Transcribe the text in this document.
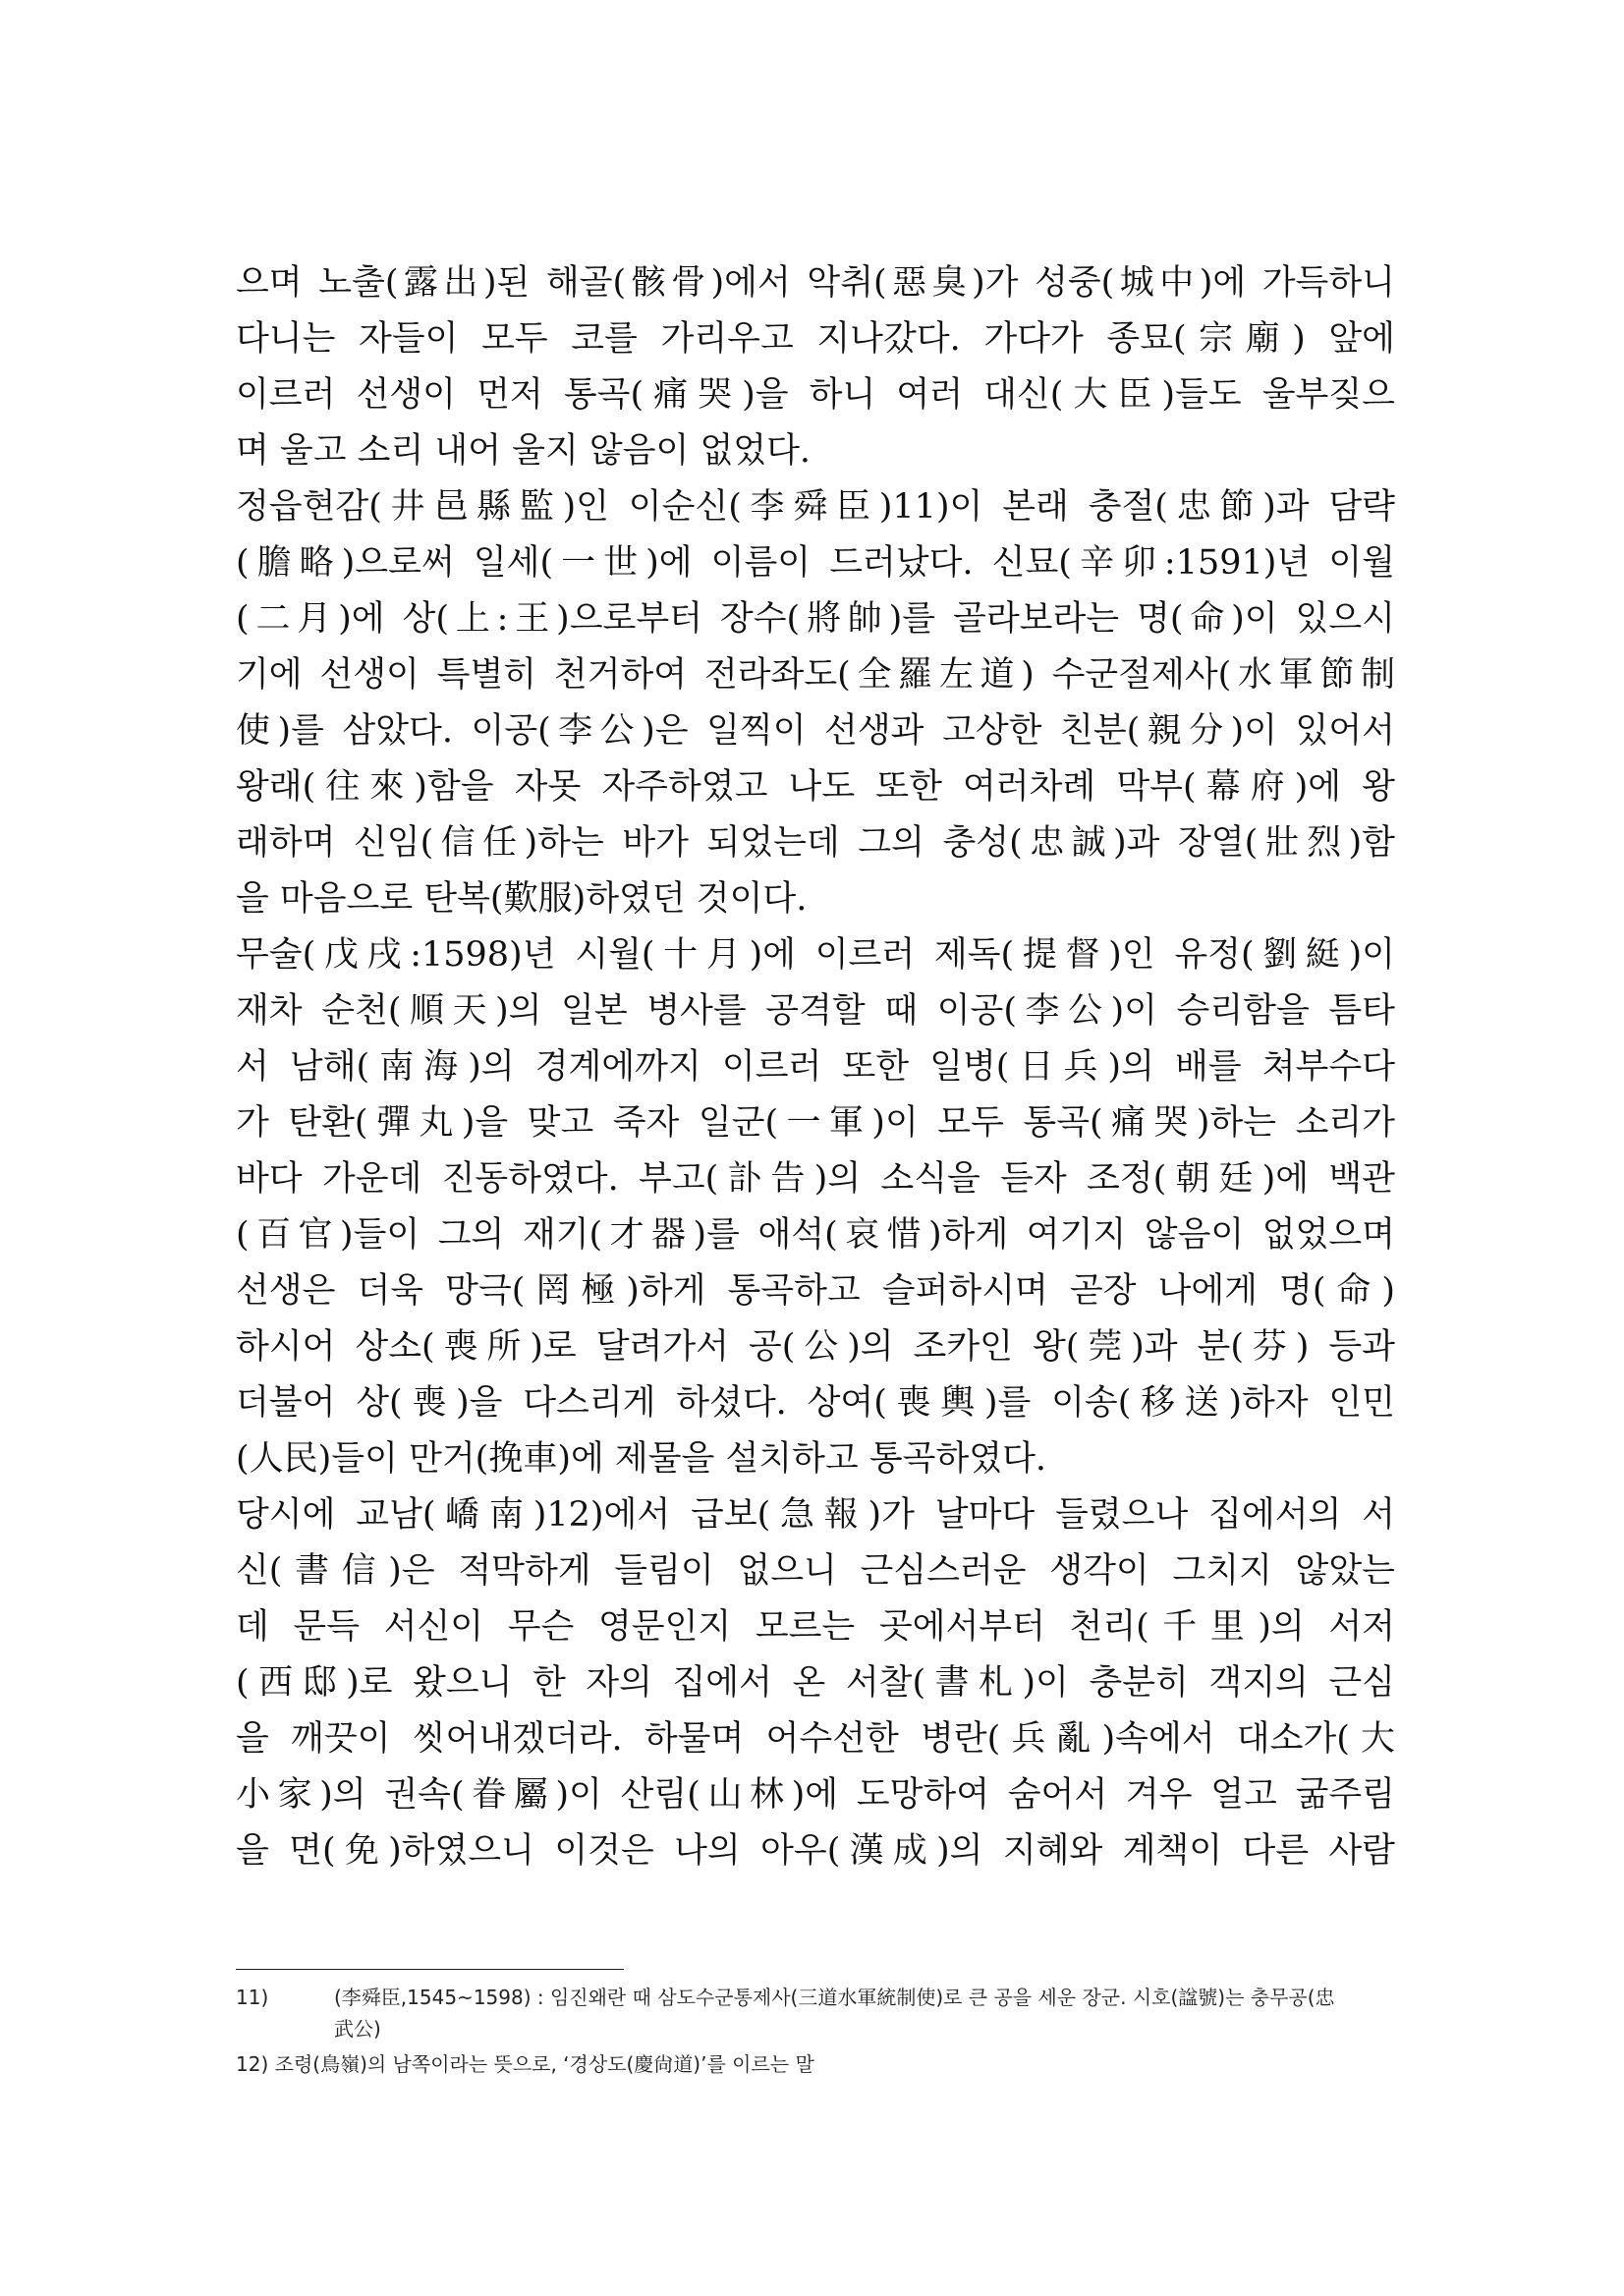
으며 노출(露出)된 해골(骸骨)에서 악취(惡臭)가 성중(城中)에 가득하니
다니는 자들이 모두 코를 가리우고 지나갔다. 가다가 종묘(宗廟) 앞에
이르러 선생이 먼저 통곡(痛哭)을 하니 여러 대신(大臣)들도 울부짖으
며 울고 소리 내어 울지 않음이 없었다.
정읍현감(井邑縣監)인 이순신(李舜臣)11)이 본래 충절(忠節)과 담략
(膽略)으로써 일세(一世)에 이름이 드러났다. 신묘(辛卯:1591)년 이월
(二月)에 상(上:王)으로부터 장수(將帥)를 골라보라는 명(命)이 있으시
기에 선생이 특별히 천거하여 전라좌도(全羅左道) 수군절제사(水軍節制
使)를 삼았다. 이공(李公)은 일찍이 선생과 고상한 친분(親分)이 있어서
왕래(往來)함을 자못 자주하였고 나도 또한 여러차례 막부(幕府)에 왕
래하며 신임(信任)하는 바가 되었는데 그의 충성(忠誠)과 장열(壯烈)함
을 마음으로 탄복(歎服)하였던 것이다.
무술(戊戌:1598)년 시월(十月)에 이르러 제독(提督)인 유정(劉綎)이
재차 순천(順天)의 일본 병사를 공격할 때 이공(李公)이 승리함을 틈타
서 남해(南海)의 경계에까지 이르러 또한 일병(日兵)의 배를 쳐부수다
가 탄환(彈丸)을 맞고 죽자 일군(一軍)이 모두 통곡(痛哭)하는 소리가
바다 가운데 진동하였다. 부고(訃告)의 소식을 듣자 조정(朝廷)에 백관
(百官)들이 그의 재기(才器)를 애석(哀惜)하게 여기지 않음이 없었으며
선생은 더욱 망극(罔極)하게 통곡하고 슬퍼하시며 곧장 나에게 명(命)
하시어 상소(喪所)로 달려가서 공(公)의 조카인 왕(莞)과 분(芬) 등과
더불어 상(喪)을 다스리게 하셨다. 상여(喪輿)를 이송(移送)하자 인민
(人民)들이 만거(挽車)에 제물을 설치하고 통곡하였다.
당시에 교남(嶠南)12)에서 급보(急報)가 날마다 들렸으나 집에서의 서
신(書信)은 적막하게 들림이 없으니 근심스러운 생각이 그치지 않았는
데 문득 서신이 무슨 영문인지 모르는 곳에서부터 천리(千里)의 서저
(西邸)로 왔으니 한 자의 집에서 온 서찰(書札)이 충분히 객지의 근심
을 깨끗이 씻어내겠더라. 하물며 어수선한 병란(兵亂)속에서 대소가(大
小家)의 권속(眷屬)이 산림(山林)에 도망하여 숨어서 겨우 얼고 굶주림
을 면(免)하였으니 이것은 나의 아우(漢成)의 지혜와 계책이 다른 사람
11)	(李舜臣,1545~1598) : 임진왜란 때 삼도수군통제사(三道水軍統制使)로 큰 공을 세운 장군. 시호(諡號)는 충무공(忠
武公)
12) 조령(鳥嶺)의 남쪽이라는 뜻으로, ‘경상도(慶尙道)’를 이르는 말
